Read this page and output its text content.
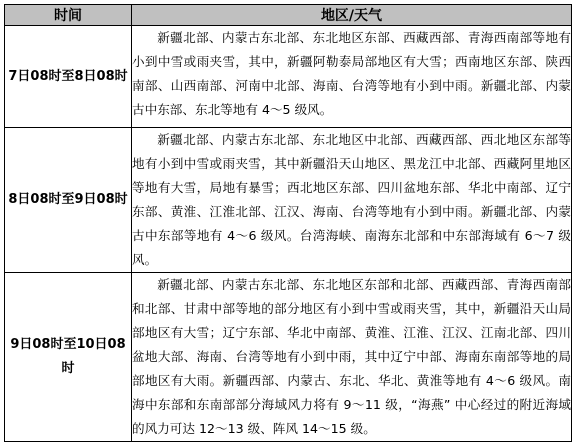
时间	地区/天气
7日08时至8日08时	新疆北部、内蒙古东北部、东北地区东部、西藏西部、青海西南部等地有小到中雪或雨夹雪，其中，新疆阿勒泰局部地区有大雪；西南地区东部、陕西南部、山西南部、河南中北部、海南、台湾等地有小到中雨。新疆北部、内蒙古中东部、东北等地有 4～5 级风。

8日08时至9日08时	新疆北部、内蒙古东北部、东北地区中北部、西藏西部、西北地区东部等地有小到中雪或雨夹雪，其中新疆沿天山地区、黑龙江中北部、西藏阿里地区等地有大雪，局地有暴雪；西北地区东部、四川盆地东部、华北中南部、辽宁东部、黄淮、江淮北部、江汉、海南、台湾等地有小到中雨。新疆北部、内蒙古中东部等地有 4～6 级风。台湾海峡、南海东北部和中东部海域有 6～7 级风。

9日08时至10日08时	新疆北部、内蒙古东北部、东北地区东部和北部、西藏西部、青海西南部和北部、甘肃中部等地的部分地区有小到中雪或雨夹雪，其中，新疆沿天山局部地区有大雪；辽宁东部、华北中南部、黄淮、江淮、江汉、江南北部、四川盆地大部、海南、台湾等地有小到中雨，其中辽宁中部、海南东南部等地的局部地区有大雨。新疆西部、内蒙古、东北、华北、黄淮等地有 4～6 级风。南海中东部和东南部部分海域风力将有 9～11 级，“海燕” 中心经过的附近海域的风力可达 12～13 级、阵风 14～15 级。
